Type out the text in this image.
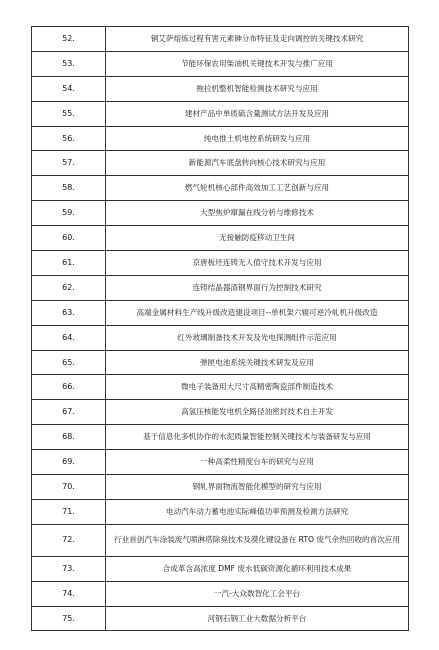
52.	铜艾萨熔炼过程有害元素砷分布特征及走向调控的关键技术研究
53.	节能环保农用柴油机关键技术开发与推广应用
54.	拖拉机整机智能检测技术研究与应用
55.	建材产品中单质硫含量测试方法开发及应用
56.	纯电推土机电控系统研发与应用
57.	新能源汽车底盘转向核心技术研究与应用
58.	燃气轮机核心部件高效加工工艺创新与应用
59.	大型焦炉窜漏在线分析与维修技术
60.	无接触防疫移动卫生间
61.	京唐板坯连铸无人值守技术开发与应用
62.	连铸结晶器渣钢界面行为控制技术研究
63.	高端金属材料生产线升级改造建设项目--单机架六辊可逆冷轧机升级改造
64.	红外玻璃制备技术开发及光电探测组件示范应用
65.	弹匣电池系统关键技术研发及应用
66.	微电子装备用大尺寸高精密陶瓷部件制造技术
67.	高氢压核能发电机全路径油密封技术自主开发
68.	基于信息化多机协作的水泥质量智能控制关键技术与装备研发与应用
69.	一种高柔性精度台车的研究与应用
70.	钢轧界面物流智能化模型的研究与应用
71.	电动汽车动力蓄电池实际峰值功率预测及检测方法研究
72.	行业首创汽车涂装废气喷淋塔除臭技术及漠化键设备在 RTO 废气余热回收的首次应用
73.	合成革含高浓度 DMF 废水低碳资源化循环利用技术成果
74.	一汽-大众数智化工会平台
75.	河钢石钢工业大数据分析平台
